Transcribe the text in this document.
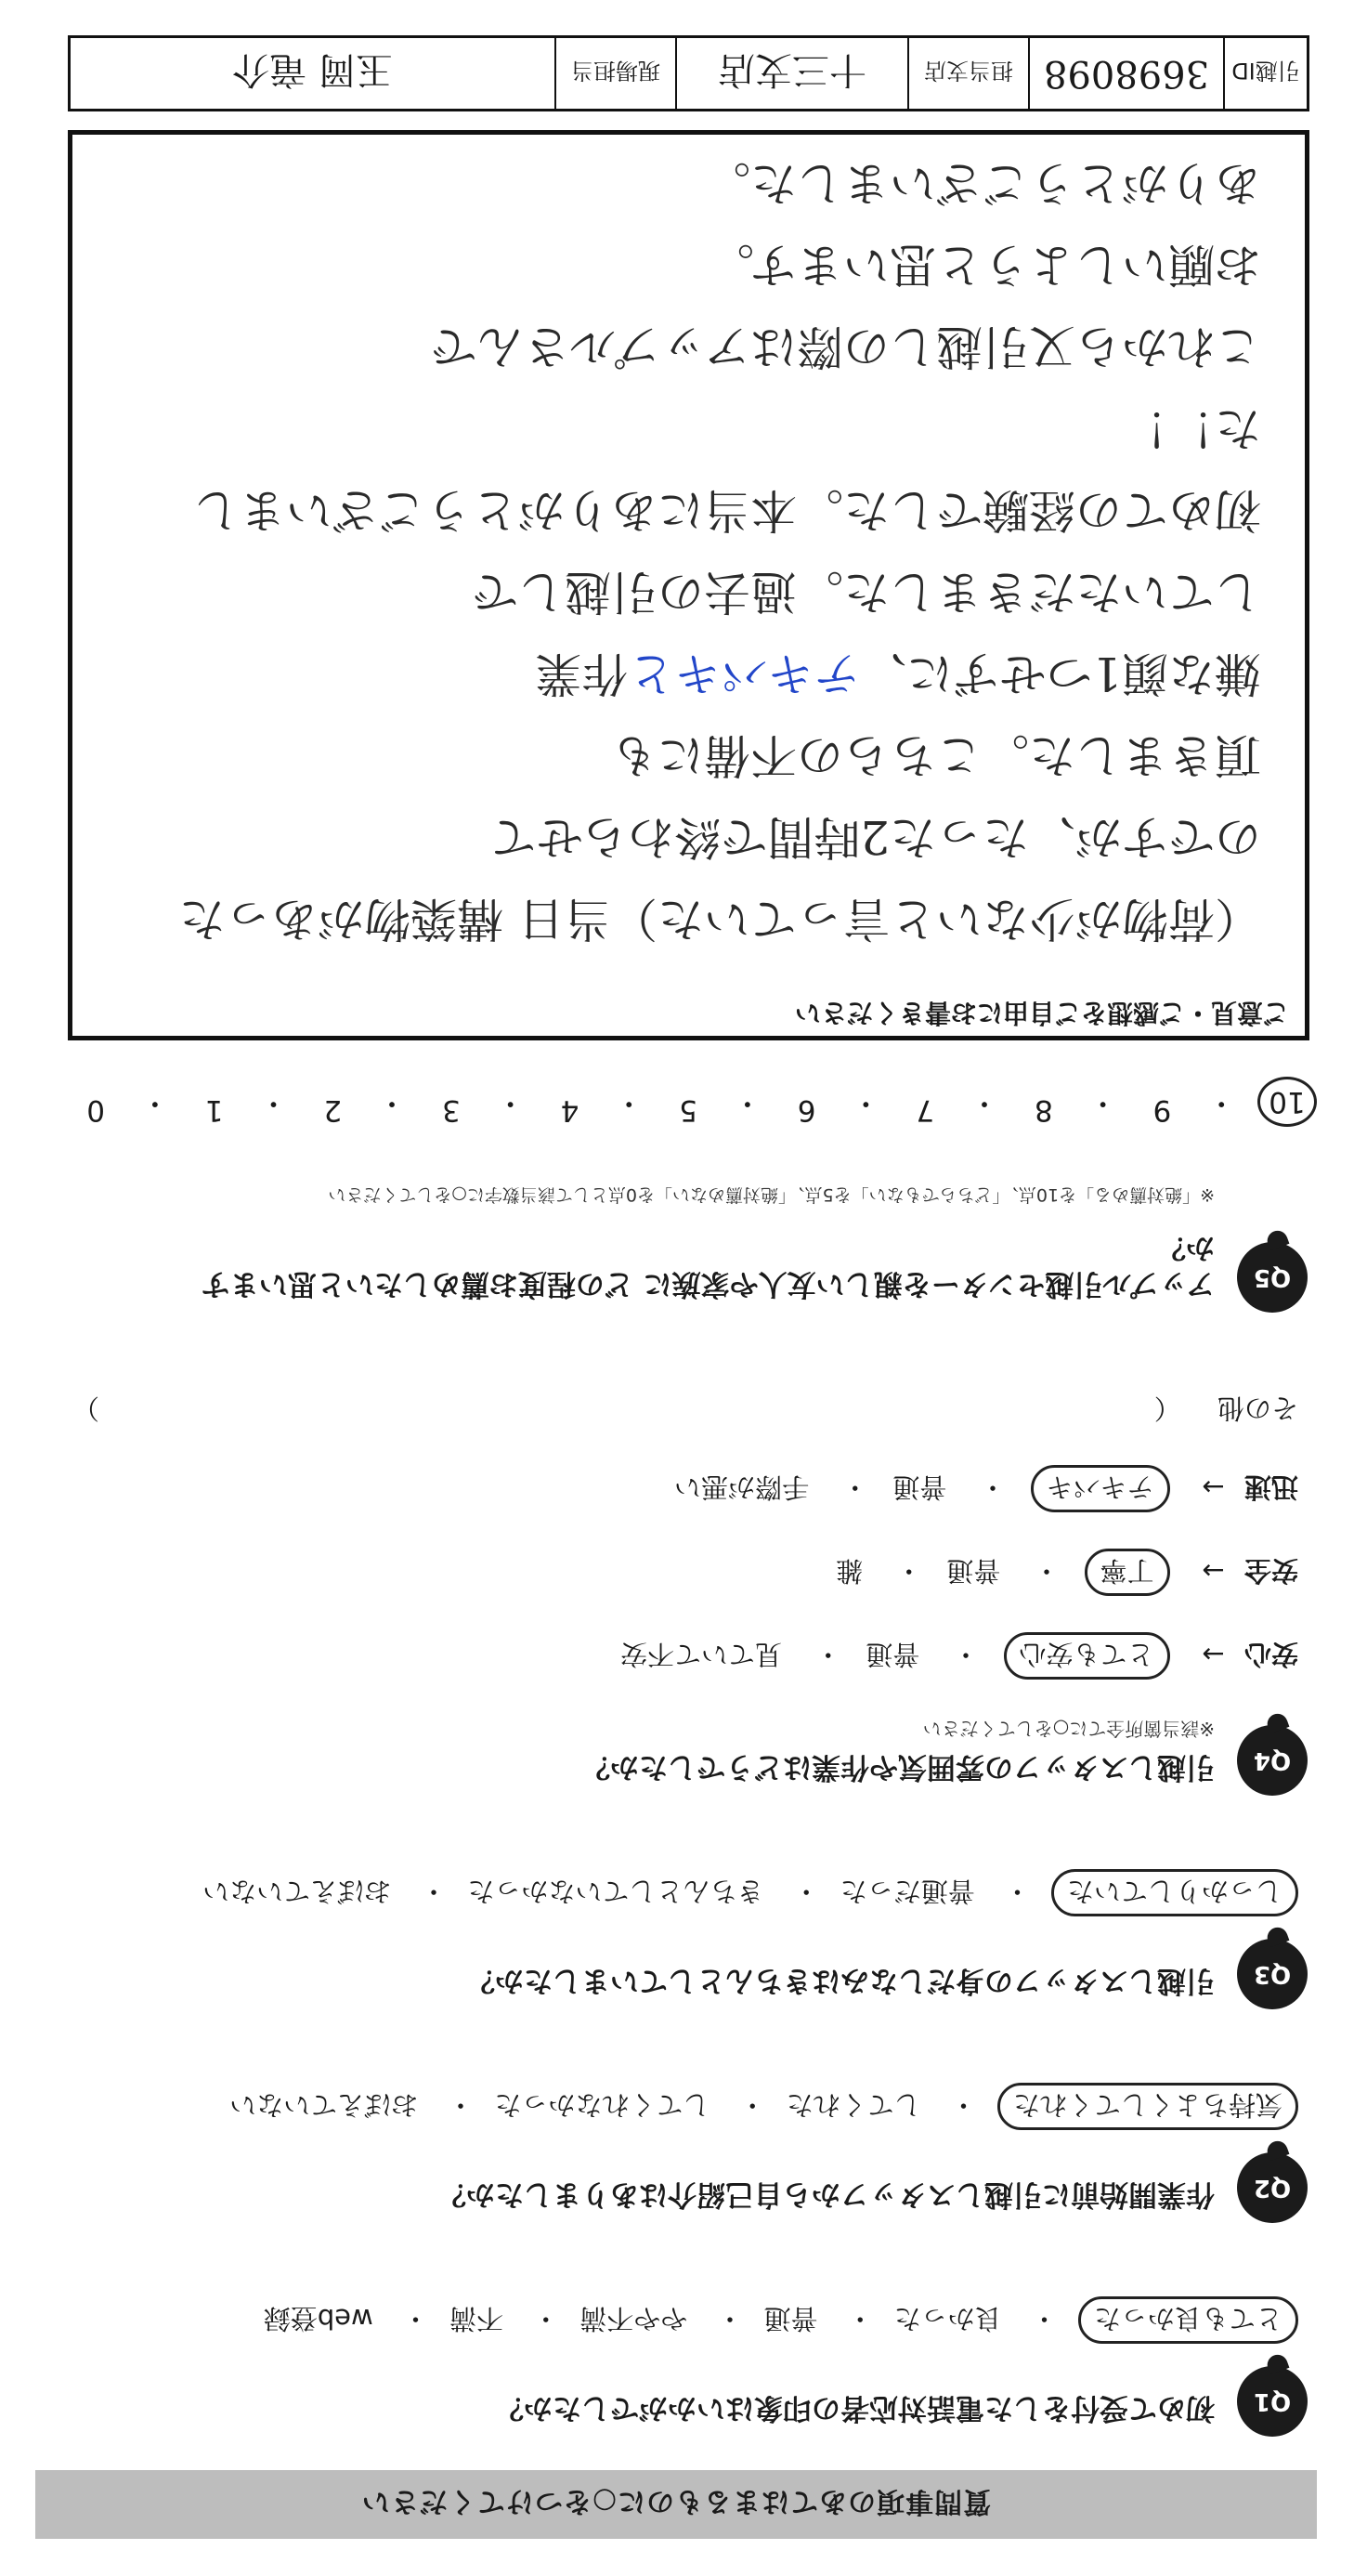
質問事項のあてはまるものに○をつけてください
Q1
初めて受付をした電話対応者の印象はいかがでしたか？
とても良かった・ 良かった・ 普通・ やや不満・ 不満・ web登録
Q2
作業開始前に引越しスタッフから自己紹介はありましたか？
気持ちよくしてくれた・ してくれた・ してくれなかった・ おぼえていない
Q3
引越しスタッフの身だしなみはきちんとしていましたか？
しっかりしていた・ 普通だった・ きちんとしていなかった・ おぼえていない
Q4
引越しスタッフの雰囲気や作業はどうでしたか？
※該当箇所全てに○をしてください
安心 → とても安心・ 普通・ 見ていて不安
安全 → 丁寧・ 普通・ 雑
迅速 → テキパキ・ 普通・ 手際が悪い
その他 （
）
Q5
アップル引越センターを親しい友人や家族に どの程度お薦めしたいと思いますか？
※「絶対薦める」を10点、「どちらでもない」を5点、「絶対薦めない」を0点として該当数字に○をしてください
10
・
9
・
8
・
7
・
6
・
5
・
4
・
3
・
2
・
1
・
0
ご意見・ご感想をご自由にお書きください
（荷物が少ないと言っていた）当日 構築物があった
のですが、たった2時間で終わらせて
頂きました。こちらの不備にも
嫌な顔1つせずに、テキパキと作業
していただきました。過去の引越しで
初めての経験でした。本当にありがとうございました！！
これから又引越しの際はアップルさんで
お願いしようと思います。
ありがとうございました。
引越ID
3698098
担当支店
十三支店
現場担当
玉岡 竜介
